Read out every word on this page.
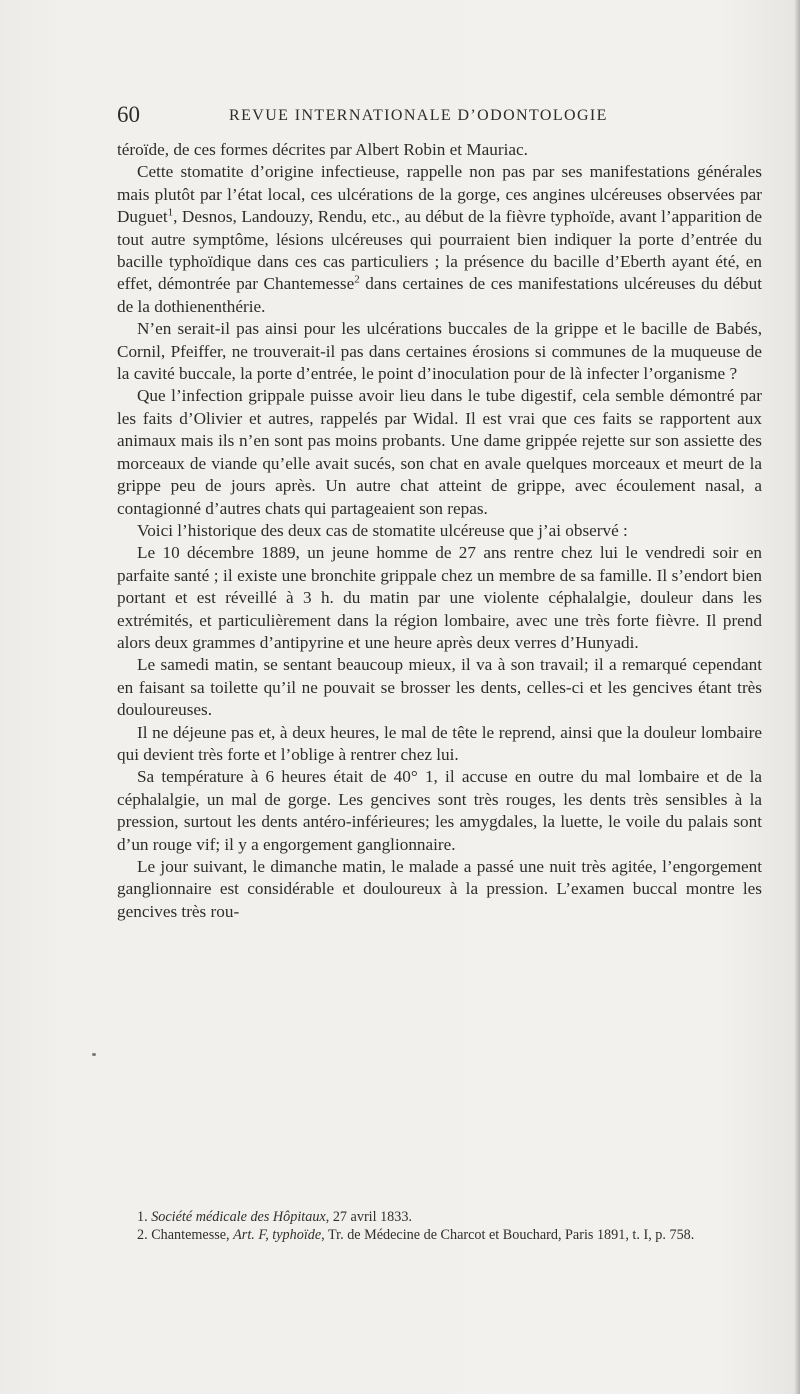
60	REVUE INTERNATIONALE D’ODONTOLOGIE

téroïde, de ces formes décrites par Albert Robin et Mauriac.

Cette stomatite d’origine infectieuse, rappelle non pas par ses manifestations générales mais plutôt par l’état local, ces ulcérations de la gorge, ces angines ulcéreuses observées par Duguet$^1$, Desnos, Landouzy, Rendu, etc., au début de la fièvre typhoïde, avant l’apparition de tout autre symptôme, lésions ulcéreuses qui pourraient bien indiquer la porte d’entrée du bacille typhoïdique dans ces cas particuliers ; la présence du bacille d’Eberth ayant été, en effet, démontrée par Chantemesse$^2$ dans certaines de ces manifestations ulcéreuses du début de la dothienenthérie.

N’en serait-il pas ainsi pour les ulcérations buccales de la grippe et le bacille de Babés, Cornil, Pfeiffer, ne trouverait-il pas dans certaines érosions si communes de la muqueuse de la cavité buccale, la porte d’entrée, le point d’inoculation pour de là infecter l’organisme ?

Que l’infection grippale puisse avoir lieu dans le tube digestif, cela semble démontré par les faits d’Olivier et autres, rappelés par Widal. Il est vrai que ces faits se rapportent aux animaux mais ils n’en sont pas moins probants. Une dame grippée rejette sur son assiette des morceaux de viande qu’elle avait sucés, son chat en avale quelques morceaux et meurt de la grippe peu de jours après. Un autre chat atteint de grippe, avec écoulement nasal, a contagionné d’autres chats qui partageaient son repas.

Voici l’historique des deux cas de stomatite ulcéreuse que j’ai observé :

Le 10 décembre 1889, un jeune homme de 27 ans rentre chez lui le vendredi soir en parfaite santé ; il existe une bronchite grippale chez un membre de sa famille. Il s’endort bien portant et est réveillé à 3 h. du matin par une violente céphalalgie, douleur dans les extrémités, et particulièrement dans la région lombaire, avec une très forte fièvre. Il prend alors deux grammes d’antipyrine et une heure après deux verres d’Hunyadi.

Le samedi matin, se sentant beaucoup mieux, il va à son travail; il a remarqué cependant en faisant sa toilette qu’il ne pouvait se brosser les dents, celles-ci et les gencives étant très douloureuses.

Il ne déjeune pas et, à deux heures, le mal de tête le reprend, ainsi que la douleur lombaire qui devient très forte et l’oblige à rentrer chez lui.

Sa température à 6 heures était de 40° 1, il accuse en outre du mal lombaire et de la céphalalgie, un mal de gorge. Les gencives sont très rouges, les dents très sensibles à la pression, surtout les dents antéro-inférieures; les amygdales, la luette, le voile du palais sont d’un rouge vif; il y a engorgement ganglionnaire.

Le jour suivant, le dimanche matin, le malade a passé une nuit très agitée, l’engorgement ganglionnaire est considérable et douloureux à la pression. L’examen buccal montre les gencives très rou-

1. Société médicale des Hôpitaux, 27 avril 1833.

2. Chantemesse, Art. F, typhoïde, Tr. de Médecine de Charcot et Bouchard, Paris 1891, t. I, p. 758.
